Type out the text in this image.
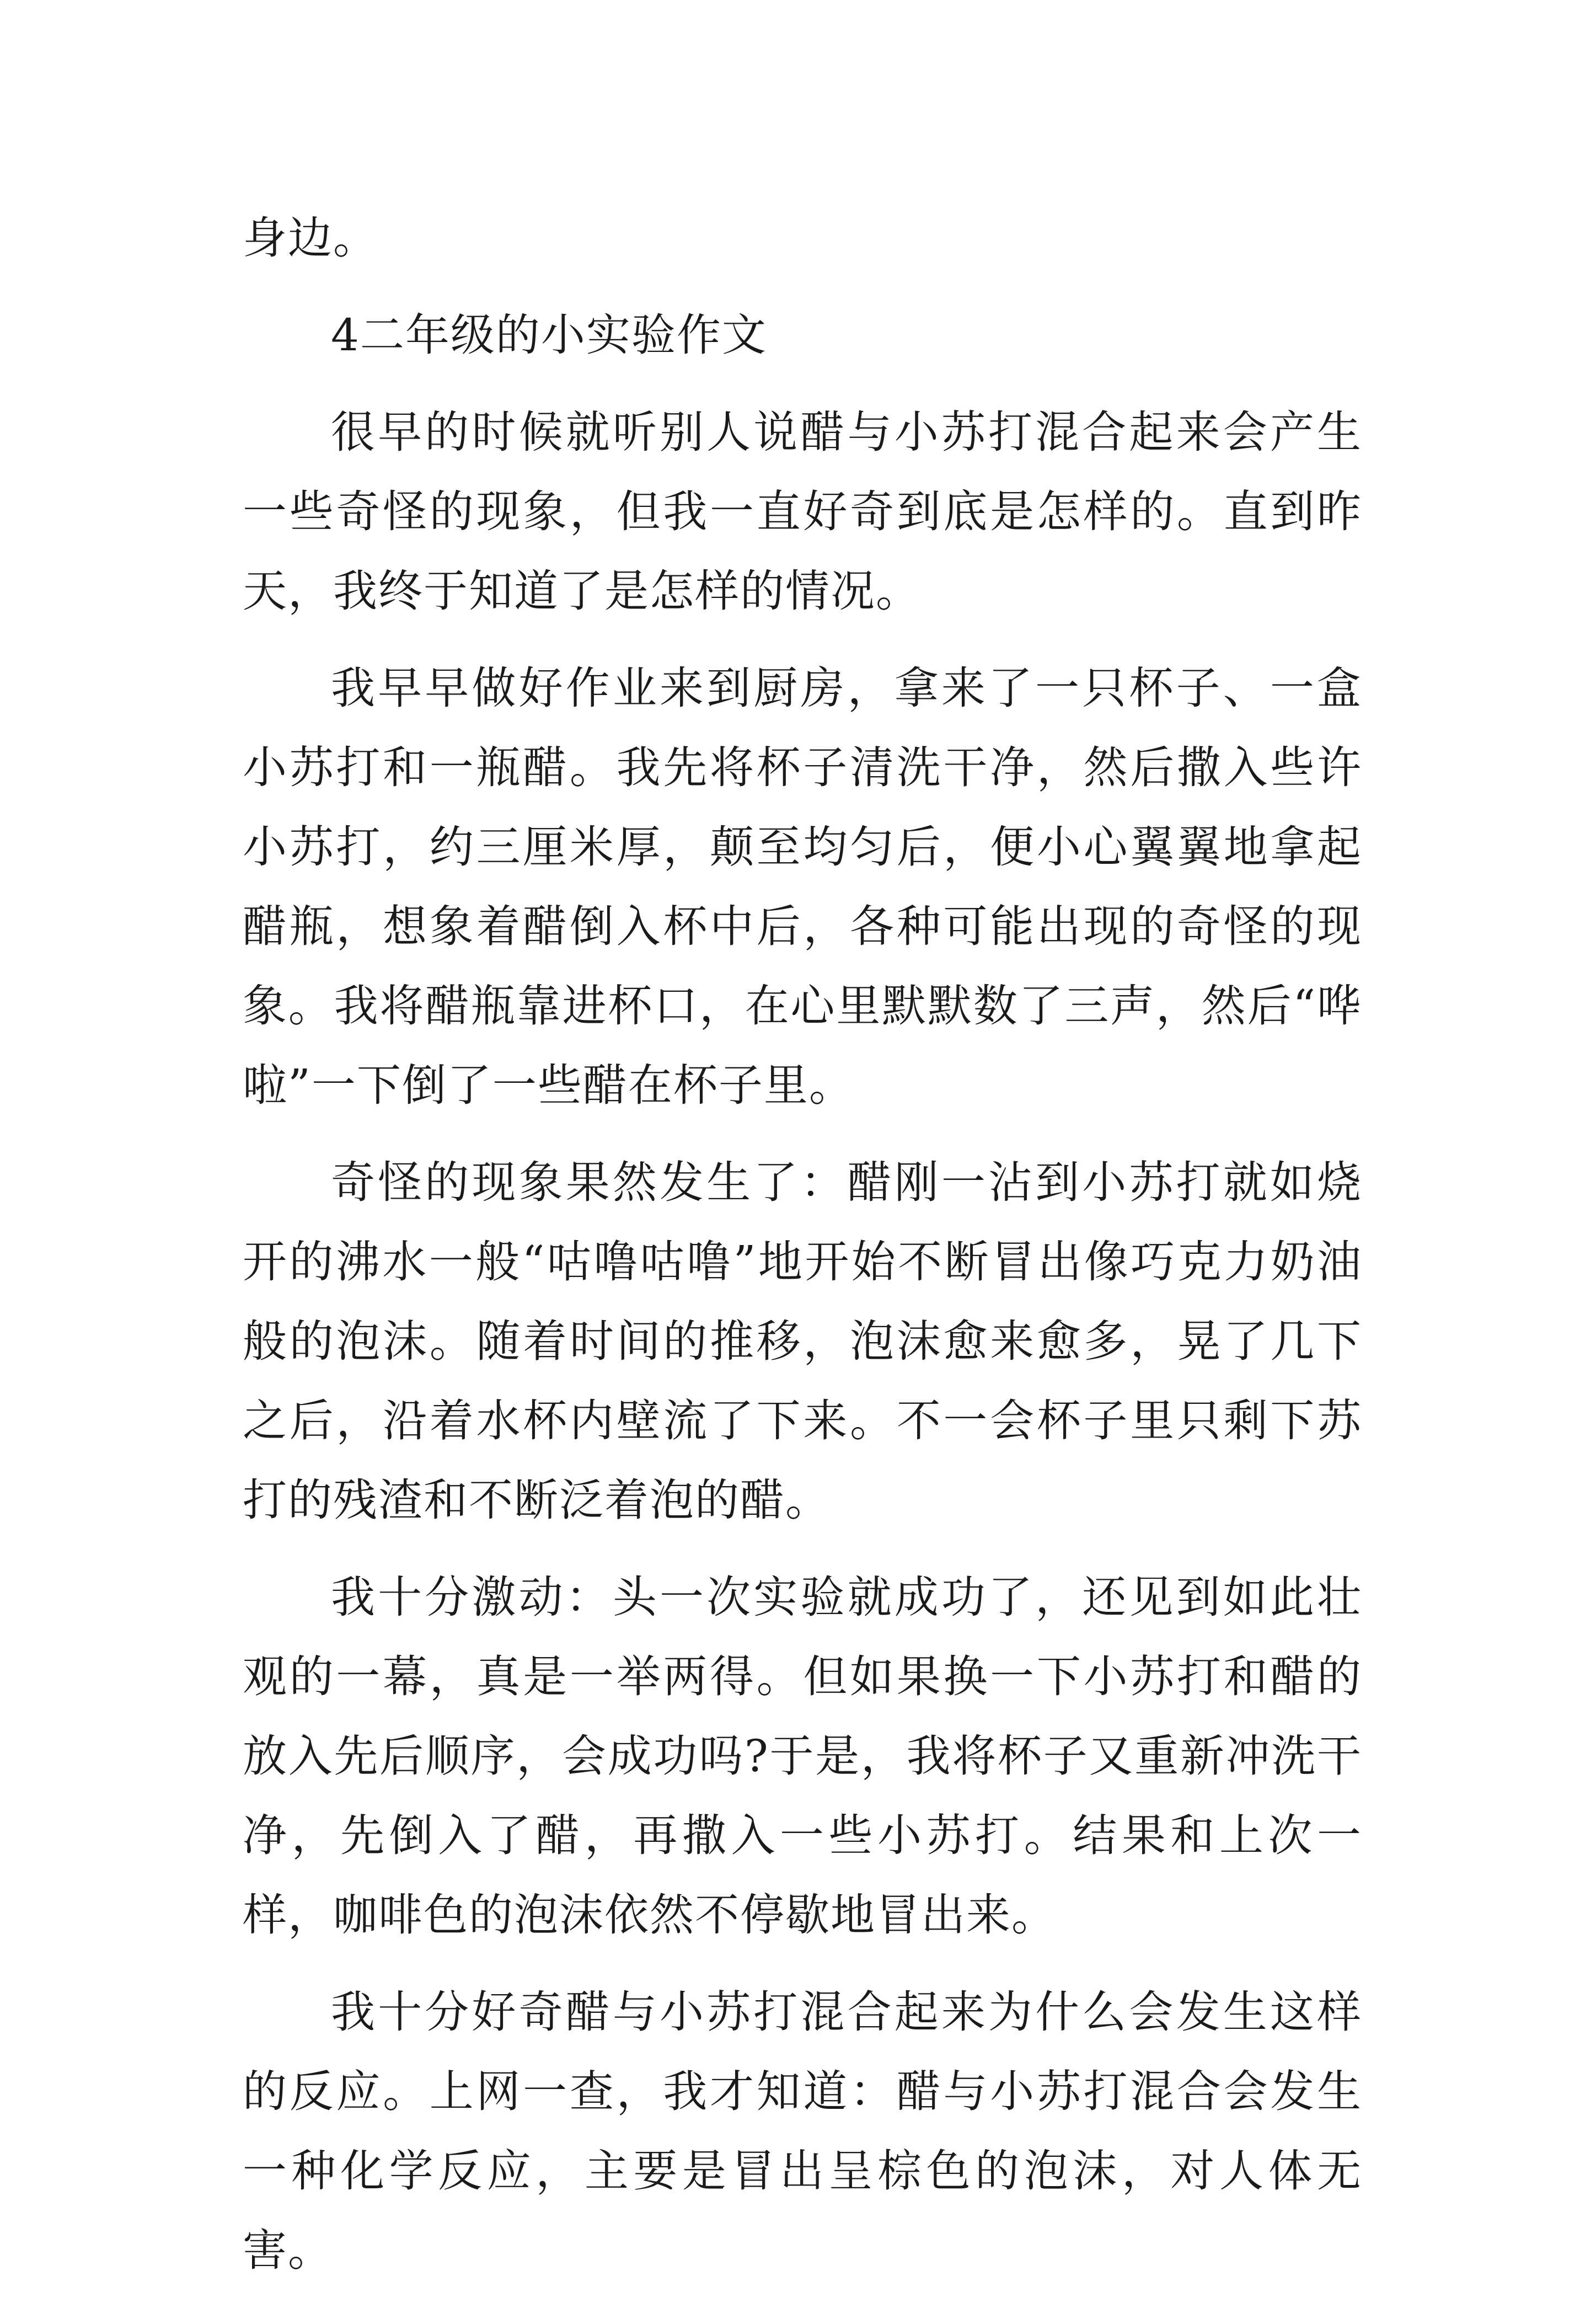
身边。

4二年级的小实验作文

很早的时候就听别人说醋与小苏打混合起来会产生一些奇怪的现象，但我一直好奇到底是怎样的。直到昨天，我终于知道了是怎样的情况。

我早早做好作业来到厨房，拿来了一只杯子、一盒小苏打和一瓶醋。我先将杯子清洗干净，然后撒入些许小苏打，约三厘米厚，颠至均匀后，便小心翼翼地拿起醋瓶，想象着醋倒入杯中后，各种可能出现的奇怪的现象。我将醋瓶靠进杯口，在心里默默数了三声，然后“哗啦”一下倒了一些醋在杯子里。

奇怪的现象果然发生了：醋刚一沾到小苏打就如烧开的沸水一般“咕噜咕噜”地开始不断冒出像巧克力奶油般的泡沫。随着时间的推移，泡沫愈来愈多，晃了几下之后，沿着水杯内壁流了下来。不一会杯子里只剩下苏打的残渣和不断泛着泡的醋。

我十分激动：头一次实验就成功了，还见到如此壮观的一幕，真是一举两得。但如果换一下小苏打和醋的放入先后顺序，会成功吗?于是，我将杯子又重新冲洗干净，先倒入了醋，再撒入一些小苏打。结果和上次一样，咖啡色的泡沫依然不停歇地冒出来。

我十分好奇醋与小苏打混合起来为什么会发生这样的反应。上网一查，我才知道：醋与小苏打混合会发生一种化学反应，主要是冒出呈棕色的泡沫，对人体无害。
